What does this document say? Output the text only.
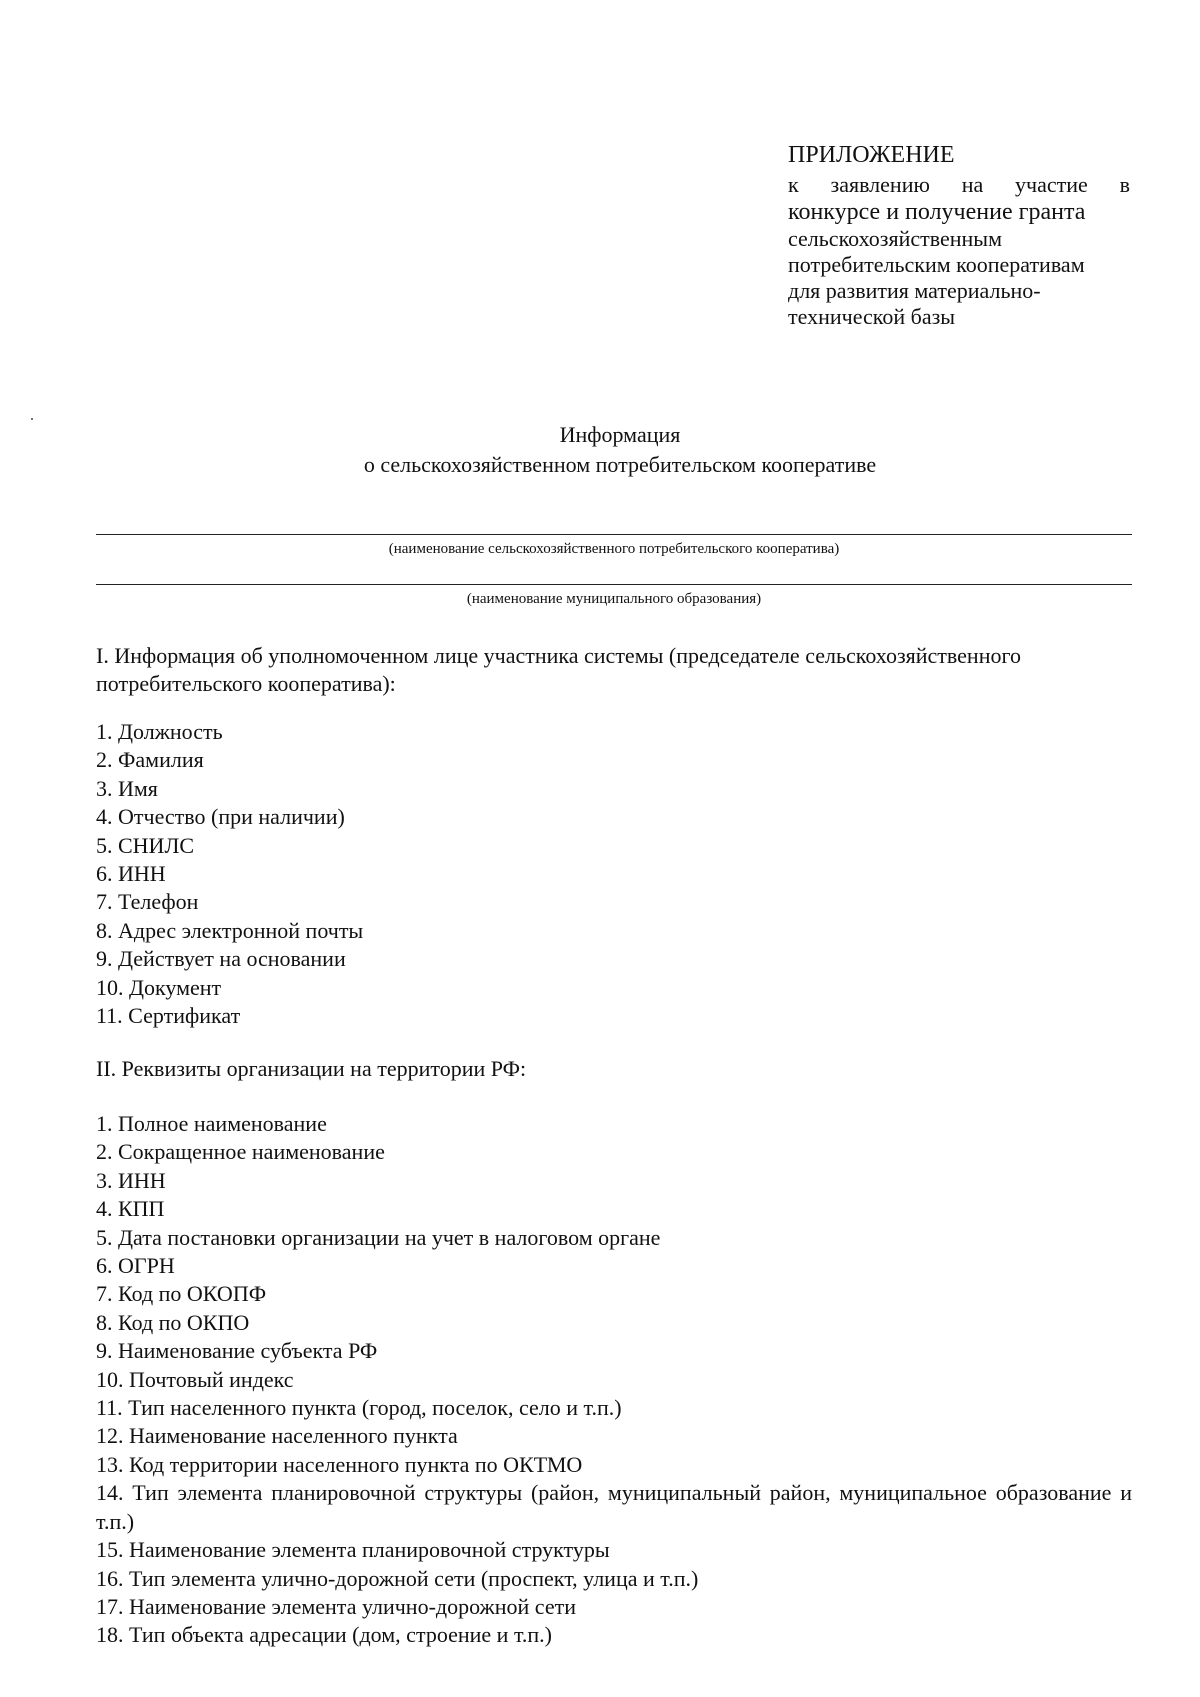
ПРИЛОЖЕНИЕ
к заявлению на участие в
конкурсе и получение гранта
сельскохозяйственным
потребительским кооперативам
для развития материально-
технической базы
Информация
о сельскохозяйственном потребительском кооперативе
(наименование сельскохозяйственного потребительского кооператива)
(наименование муниципального образования)
I. Информация об уполномоченном лице участника системы (председателе сельскохозяйственного потребительского кооператива):
1. Должность
2. Фамилия
3. Имя
4. Отчество (при наличии)
5. СНИЛС
6. ИНН
7. Телефон
8. Адрес электронной почты
9. Действует на основании
10. Документ
11. Сертификат
II. Реквизиты организации на территории РФ:
1. Полное наименование
2. Сокращенное наименование
3. ИНН
4. КПП
5. Дата постановки организации на учет в налоговом органе
6. ОГРН
7. Код по ОКОПФ
8. Код по ОКПО
9. Наименование субъекта РФ
10. Почтовый индекс
11. Тип населенного пункта (город, поселок, село и т.п.)
12. Наименование населенного пункта
13. Код территории населенного пункта по ОКТМО
14. Тип элемента планировочной структуры (район, муниципальный район, муниципальное образование и т.п.)
15. Наименование элемента планировочной структуры
16. Тип элемента улично-дорожной сети (проспект, улица и т.п.)
17. Наименование элемента улично-дорожной сети
18. Тип объекта адресации (дом, строение и т.п.)
